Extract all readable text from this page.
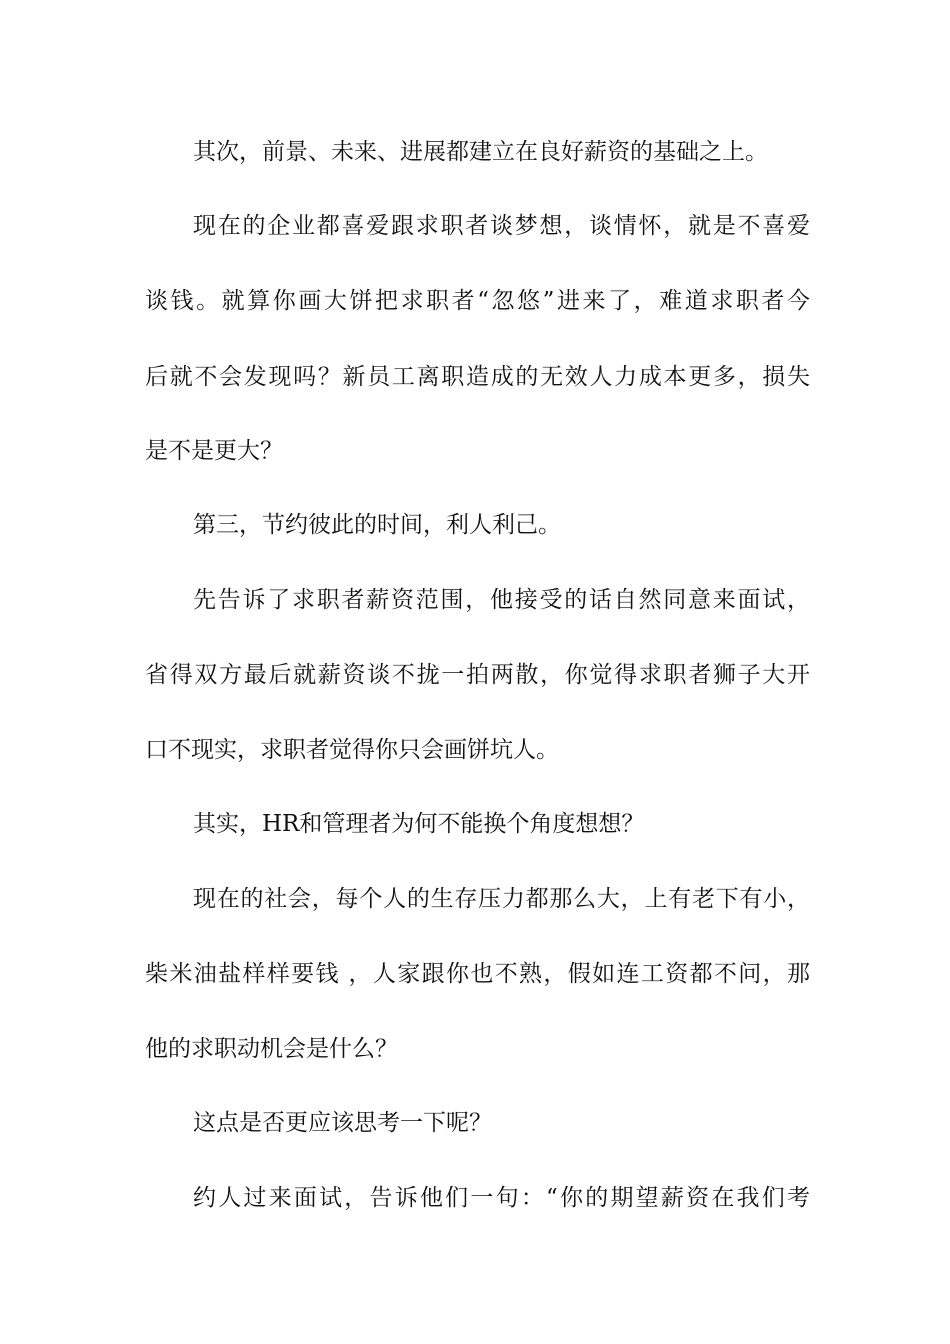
其次，前景、未来、进展都建立在良好薪资的基础之上。

现在的企业都喜爱跟求职者谈梦想，谈情怀，就是不喜爱

谈钱。就算你画大饼把求职者“忽悠”进来了，难道求职者今

后就不会发现吗？新员工离职造成的无效人力成本更多，损失

是不是更大？

第三，节约彼此的时间，利人利己。

先告诉了求职者薪资范围，他接受的话自然同意来面试，

省得双方最后就薪资谈不拢一拍两散，你觉得求职者狮子大开

口不现实，求职者觉得你只会画饼坑人。

其实，HR和管理者为何不能换个角度想想？

现在的社会，每个人的生存压力都那么大，上有老下有小，

柴米油盐样样要钱 ，人家跟你也不熟，假如连工资都不问，那

他的求职动机会是什么？

这点是否更应该思考一下呢？

约人过来面试，告诉他们一句：“你的期望薪资在我们考
